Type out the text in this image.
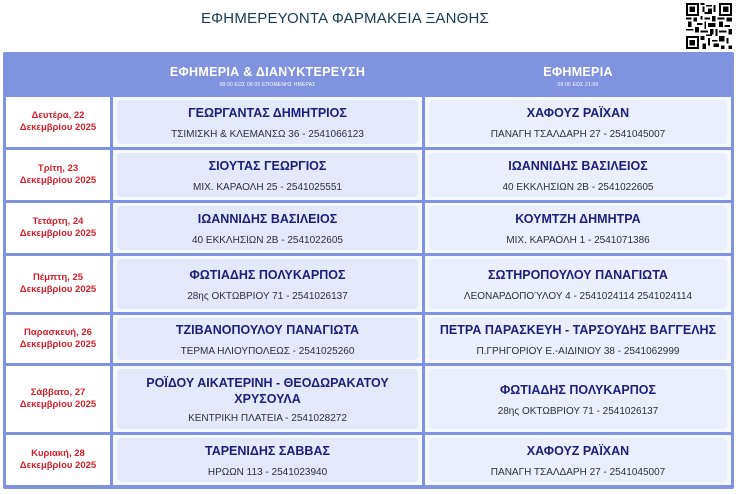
ΕΦΗΜΕΡΕΥΟΝΤΑ ΦΑΡΜΑΚΕΙΑ ΞΑΝΘΗΣ
ΕΦΗΜΕΡΙΑ & ΔΙΑΝΥΚΤΕΡΕΥΣΗ
08:00 ΕΩΣ 08:00 ΕΠΟΜΕΝΗΣ ΗΜΕΡΑΣ
ΕΦΗΜΕΡΙΑ
08:00 ΕΩΣ 21:00
Δευτέρα, 22
Δεκεμβρίου 2025
ΓΕΩΡΓΑΝΤΑΣ ΔΗΜΗΤΡΙΟΣ
ΤΣΙΜΙΣΚΗ & ΚΛΕΜΑΝΣΩ 36 - 2541066123
ΧΑΦΟΥΖ ΡΑΪΧΑΝ
ΠΑΝΑΓΗ ΤΣΑΛΔΑΡΗ 27 - 2541045007
Τρίτη, 23
Δεκεμβρίου 2025
ΣΙΟΥΤΑΣ ΓΕΩΡΓΙΟΣ
ΜΙΧ. ΚΑΡΑΟΛΗ 25 - 2541025551
ΙΩΑΝΝΙΔΗΣ ΒΑΣΙΛΕΙΟΣ
40 ΕΚΚΛΗΣΙΩΝ 2Β - 2541022605
Τετάρτη, 24
Δεκεμβρίου 2025
ΙΩΑΝΝΙΔΗΣ ΒΑΣΙΛΕΙΟΣ
40 ΕΚΚΛΗΣΙΩΝ 2Β - 2541022605
ΚΟΥΜΤΖΗ ΔΗΜΗΤΡΑ
ΜΙΧ. ΚΑΡΑΟΛΗ 1 - 2541071386
Πέμπτη, 25
Δεκεμβρίου 2025
ΦΩΤΙΑΔΗΣ ΠΟΛΥΚΑΡΠΟΣ
28ης ΟΚΤΩΒΡΙΟΥ 71 - 2541026137
ΣΩΤΗΡΟΠΟΥΛΟΥ ΠΑΝΑΓΙΩΤΑ
ΛΕΟΝΑΡΔΟΠΟΎΛΟΥ 4 - 2541024114 2541024114
Παρασκευή, 26
Δεκεμβρίου 2025
ΤΖΙΒΑΝΟΠΟΥΛΟΥ ΠΑΝΑΓΙΩΤΑ
ΤΕΡΜΑ ΗΛΙΟΥΠΟΛΕΩΣ - 2541025260
ΠΕΤΡΑ ΠΑΡΑΣΚΕΥΗ - ΤΑΡΣΟΥΔΗΣ ΒΑΓΓΕΛΗΣ
Π.ΓΡΗΓΟΡΙΟΥ Ε.-ΑΙΔΙΝΙΟΥ 38 - 2541062999
Σάββατο, 27
Δεκεμβρίου 2025
ΡΟΪΔΟΥ ΑΙΚΑΤΕΡΙΝΗ - ΘΕΟΔΩΡΑΚΑΤΟΥ ΧΡΥΣΟΥΛΑ
ΚΕΝΤΡΙΚΗ ΠΛΑΤΕΙΑ - 2541028272
ΦΩΤΙΑΔΗΣ ΠΟΛΥΚΑΡΠΟΣ
28ης ΟΚΤΩΒΡΙΟΥ 71 - 2541026137
Κυριακή, 28
Δεκεμβρίου 2025
ΤΑΡΕΝΙΔΗΣ ΣΑΒΒΑΣ
ΗΡΩΩΝ 113 - 2541023940
ΧΑΦΟΥΖ ΡΑΪΧΑΝ
ΠΑΝΑΓΗ ΤΣΑΛΔΑΡΗ 27 - 2541045007
